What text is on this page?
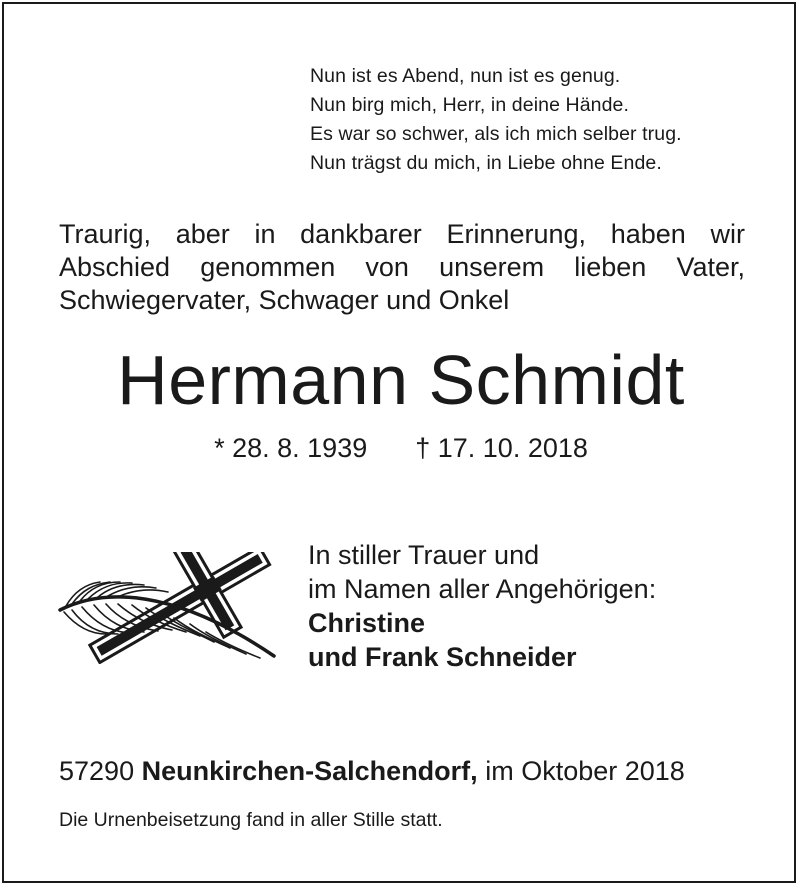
Nun ist es Abend, nun ist es genug.
Nun birg mich, Herr, in deine Hände.
Es war so schwer, als ich mich selber trug.
Nun trägst du mich, in Liebe ohne Ende.
Traurig, aber in dankbarer Erinnerung, haben wir
Abschied genommen von unserem lieben Vater,
Schwiegervater, Schwager und Onkel
Hermann Schmidt
* 28. 8. 1939 † 17. 10. 2018
In stiller Trauer und
im Namen aller Angehörigen:
Christine
und Frank Schneider
57290 Neunkirchen-Salchendorf, im Oktober 2018
Die Urnenbeisetzung fand in aller Stille statt.
